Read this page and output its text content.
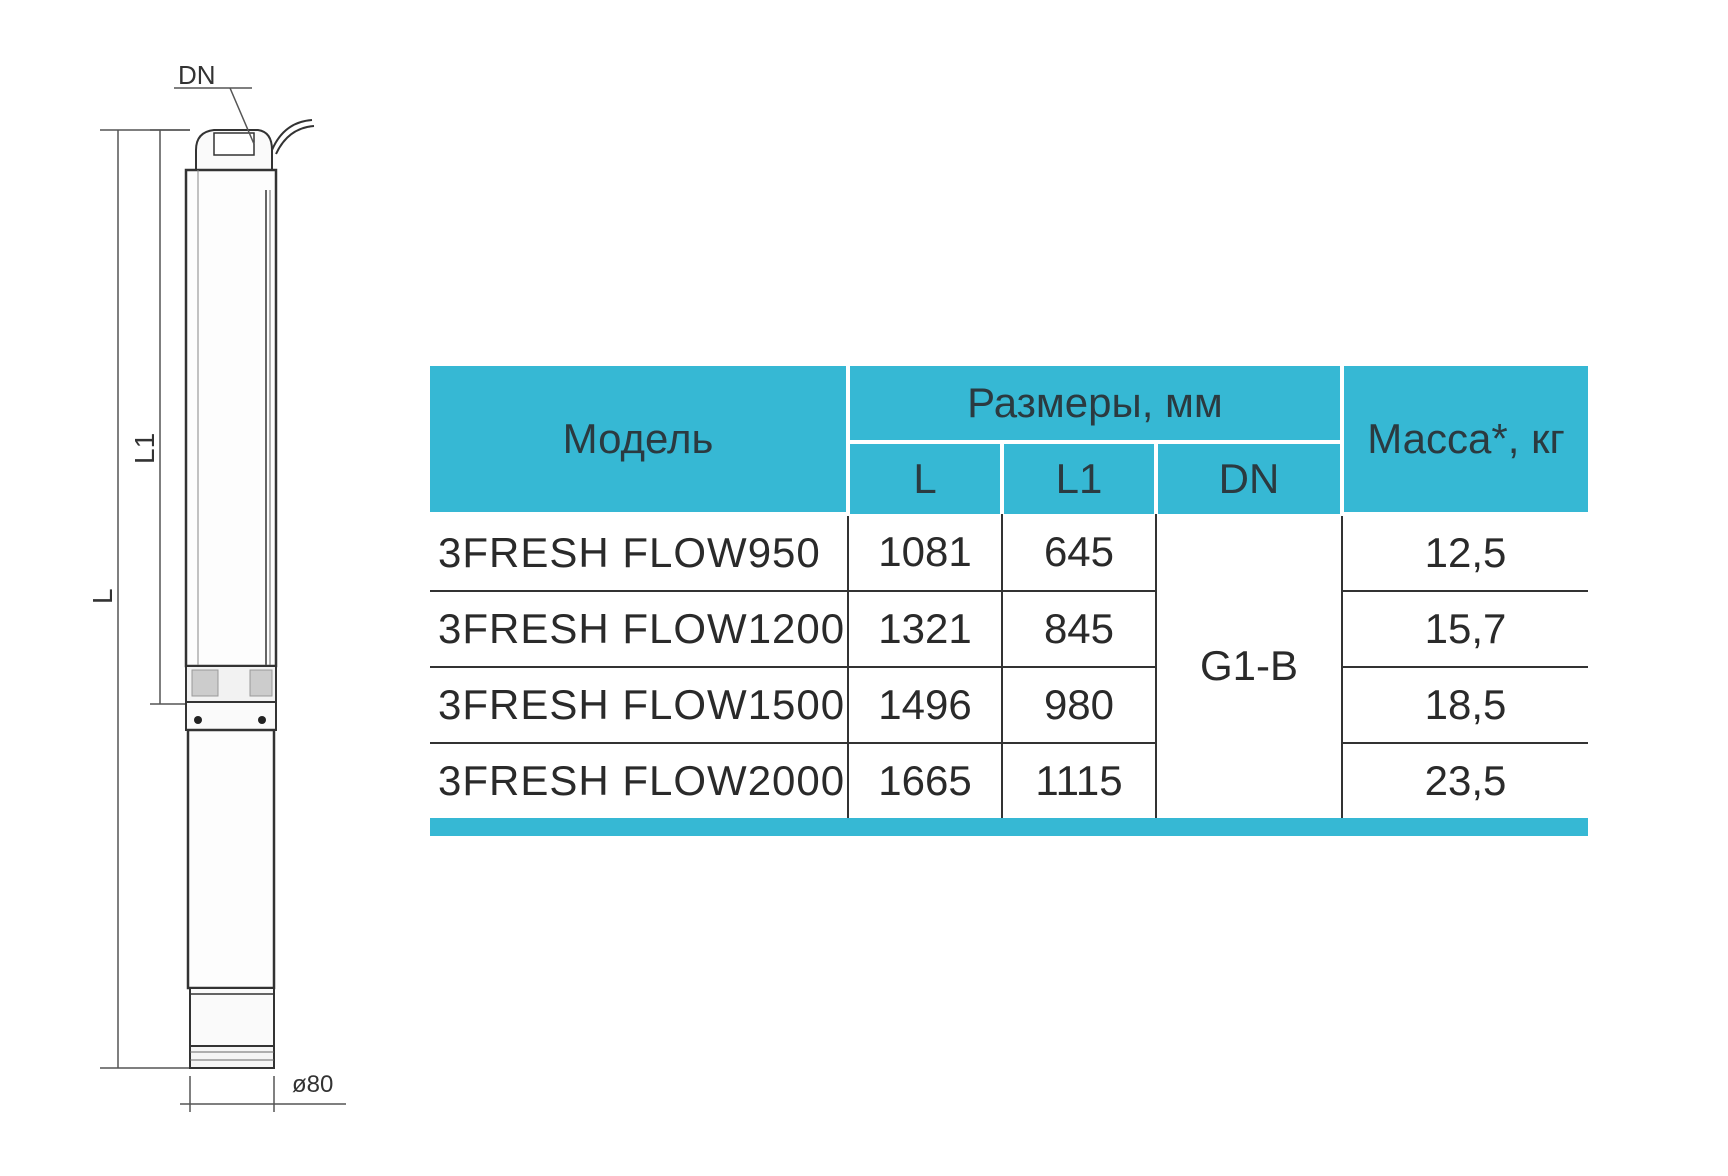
DN
L1
L
ø80
Модель	Размеры, мм			Масса*, кг
	L	L1	DN	
3FRESH FLOW950	1081	645	G1-B	12,5
3FRESH FLOW1200	1321	845		15,7
3FRESH FLOW1500	1496	980		18,5
3FRESH FLOW2000	1665	1115		23,5
